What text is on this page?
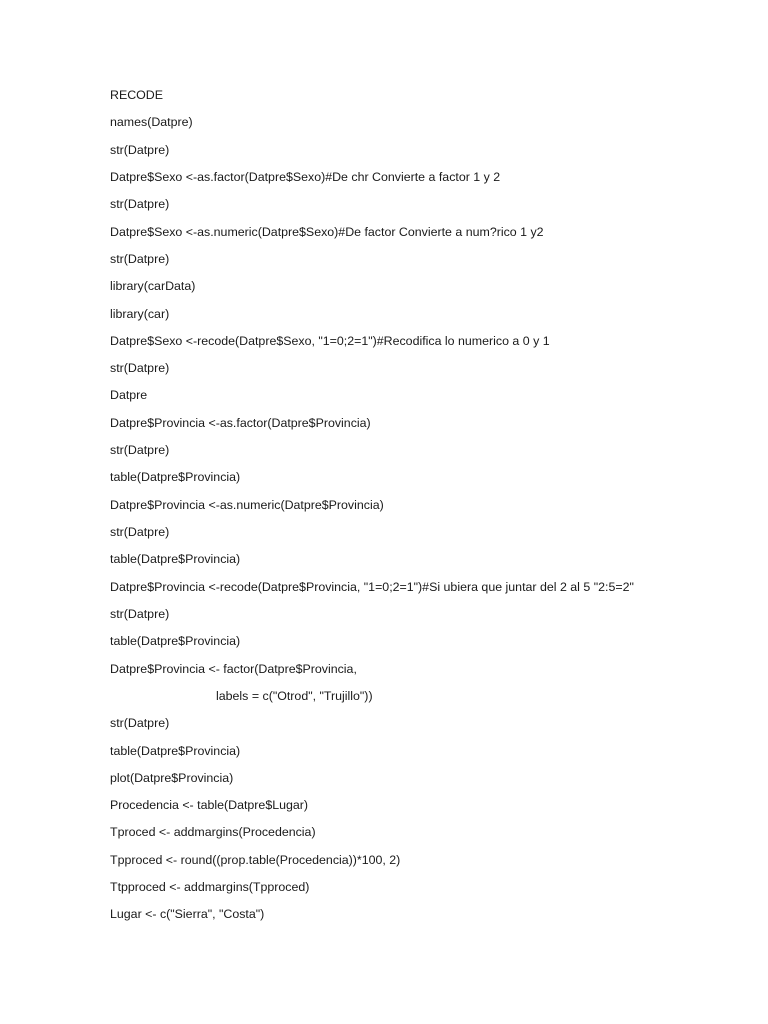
RECODE
names(Datpre)
str(Datpre)
Datpre$Sexo <-as.factor(Datpre$Sexo)#De chr Convierte a factor 1 y 2
str(Datpre)
Datpre$Sexo <-as.numeric(Datpre$Sexo)#De factor Convierte a num?rico 1 y2
str(Datpre)
library(carData)
library(car)
Datpre$Sexo <-recode(Datpre$Sexo, "1=0;2=1")#Recodifica lo numerico a 0 y 1
str(Datpre)
Datpre
Datpre$Provincia <-as.factor(Datpre$Provincia)
str(Datpre)
table(Datpre$Provincia)
Datpre$Provincia <-as.numeric(Datpre$Provincia)
str(Datpre)
table(Datpre$Provincia)
Datpre$Provincia <-recode(Datpre$Provincia, "1=0;2=1")#Si ubiera que juntar del 2 al 5 "2:5=2"
str(Datpre)
table(Datpre$Provincia)
Datpre$Provincia <- factor(Datpre$Provincia,
labels = c("Otrod", "Trujillo"))
str(Datpre)
table(Datpre$Provincia)
plot(Datpre$Provincia)
Procedencia <- table(Datpre$Lugar)
Tproced <- addmargins(Procedencia)
Tpproced <- round((prop.table(Procedencia))*100, 2)
Ttpproced <- addmargins(Tpproced)
Lugar <- c("Sierra", "Costa")
